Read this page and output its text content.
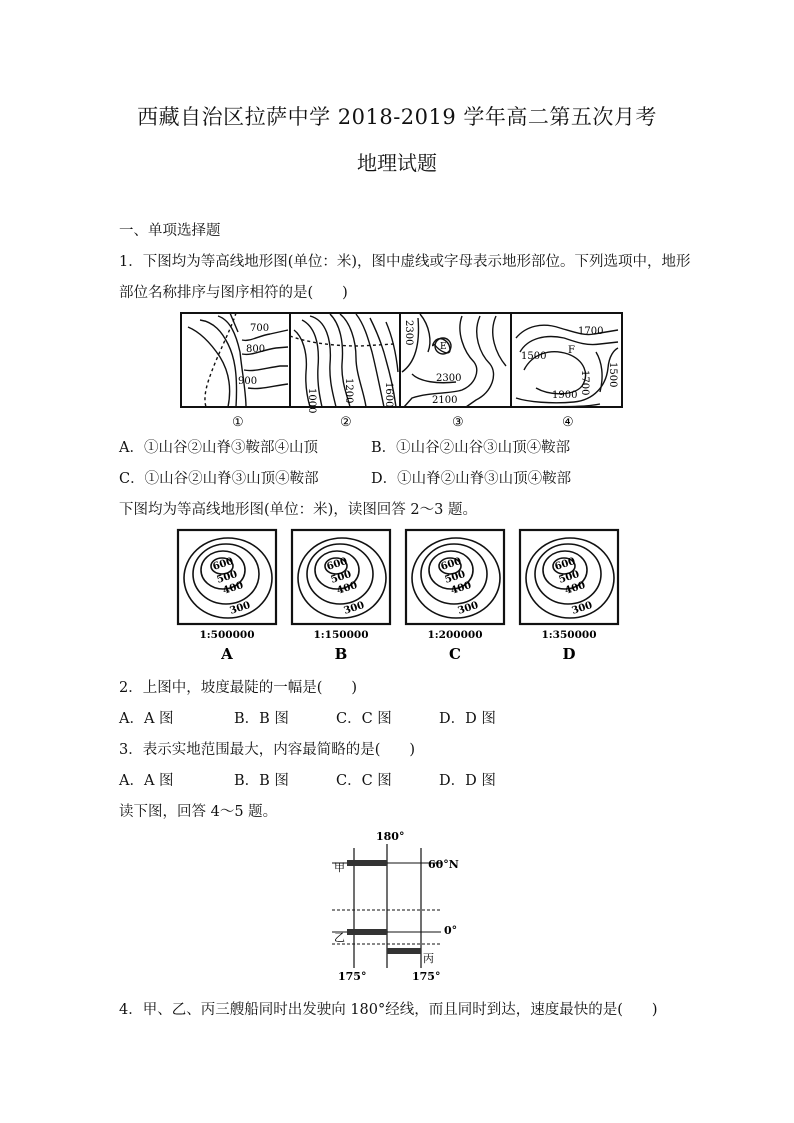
西藏自治区拉萨中学 2018-2019 学年高二第五次月考
地理试题
一、单项选择题
1．下图均为等高线地形图(单位：米)，图中虚线或字母表示地形部位。下列选项中，地形
部位名称排序与图序相符的是(　　)
700
800
900
1000	1200	1600
2300
E
2300
2100
1700
1500
F
1700 1500
1900
①	②	③	④
A．①山谷②山脊③鞍部④山顶	B．①山谷②山谷③山顶④鞍部
C．①山谷②山脊③山顶④鞍部	D．①山脊②山脊③山顶④鞍部
下图均为等高线地形图(单位：米)，读图回答 2～3 题。
600
500
400
300
1:500000
A
600
500
400
300
1:150000
B
600
500
400
300
1:200000
C
600
500
400
300
1:350000
D
2．上图中，坡度最陡的一幅是(　　)
A．A 图	B．B 图	C．C 图	D．D 图
3．表示实地范围最大，内容最简略的是(　　)
A．A 图	B．B 图	C．C 图	D．D 图
读下图，回答 4～5 题。
180°
甲
乙
丙
60°N
0°
175°	175°
4．甲、乙、丙三艘船同时出发驶向 180°经线，而且同时到达，速度最快的是(　　)
